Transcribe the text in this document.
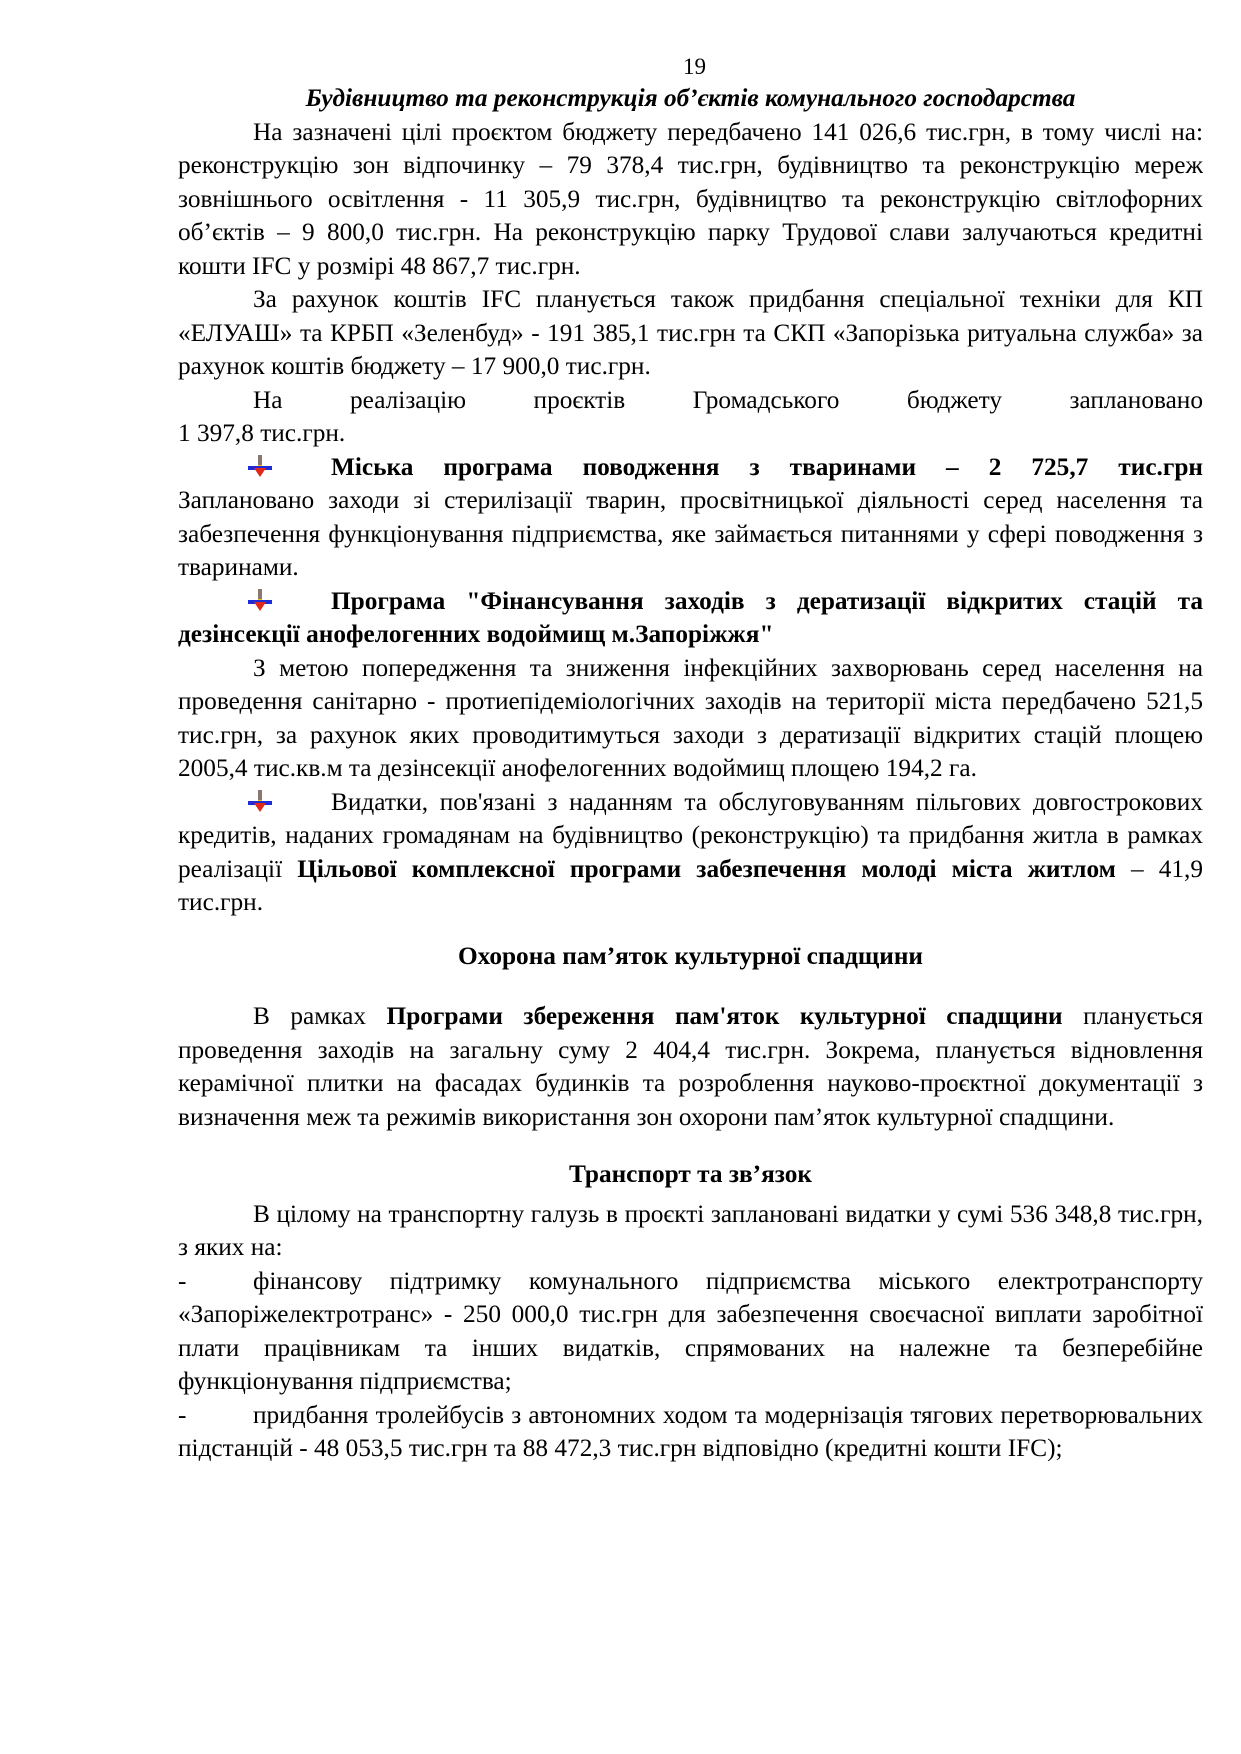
19
Будівництво та реконструкція об’єктів комунального господарства

На зазначені цілі проєктом бюджету передбачено 141 026,6 тис.грн, в тому числі на: реконструкцію зон відпочинку – 79 378,4 тис.грн, будівництво та реконструкцію мереж зовнішнього освітлення - 11 305,9 тис.грн, будівництво та реконструкцію світлофорних об’єктів – 9 800,0 тис.грн. На реконструкцію парку Трудової слави залучаються кредитні кошти IFC у розмірі 48 867,7 тис.грн.

За рахунок коштів IFC планується також придбання спеціальної техніки для КП «ЕЛУАШ» та КРБП «Зеленбуд» - 191 385,1 тис.грн та СКП «Запорізька ритуальна служба» за рахунок коштів бюджету – 17 900,0 тис.грн.

На реалізацію проєктів Громадського бюджету заплановано

1 397,8 тис.грн.

Міська програма поводження з тваринами – 2 725,7 тис.грн

Заплановано заходи зі стерилізації тварин, просвітницької діяльності серед населення та забезпечення функціонування підприємства, яке займається питаннями у сфері поводження з тваринами.

Програма "Фінансування заходів з дератизації відкритих стацій та дезінсекції анофелогенних водоймищ м.Запоріжжя"

З метою попередження та зниження інфекційних захворювань серед населення на проведення санітарно - протиепідеміологічних заходів на території міста передбачено 521,5 тис.грн, за рахунок яких проводитимуться заходи з дератизації відкритих стацій площею 2005,4 тис.кв.м та дезінсекції анофелогенних водоймищ площею 194,2 га.

Видатки, пов'язані з наданням та обслуговуванням пільгових довгострокових кредитів, наданих громадянам на будівництво (реконструкцію) та придбання житла в рамках реалізації Цільової комплексної програми забезпечення молоді міста житлом – 41,9 тис.грн.

Охорона пам’яток культурної спадщини

В рамках Програми збереження пам'яток культурної спадщини планується проведення заходів на загальну суму 2 404,4 тис.грн. Зокрема, планується відновлення керамічної плитки на фасадах будинків та розроблення науково-проєктної документації з визначення меж та режимів використання зон охорони пам’яток культурної спадщини.

Транспорт та зв’язок

В цілому на транспортну галузь в проєкті заплановані видатки у сумі 536 348,8 тис.грн, з яких на:

-	фінансову підтримку комунального підприємства міського електротранспорту «Запоріжелектротранс» - 250 000,0 тис.грн для забезпечення своєчасної виплати заробітної плати працівникам та інших видатків, спрямованих на належне та безперебійне функціонування підприємства;

-	придбання тролейбусів з автономних ходом та модернізація тягових перетворювальних підстанцій - 48 053,5 тис.грн та 88 472,3 тис.грн відповідно (кредитні кошти IFC);
